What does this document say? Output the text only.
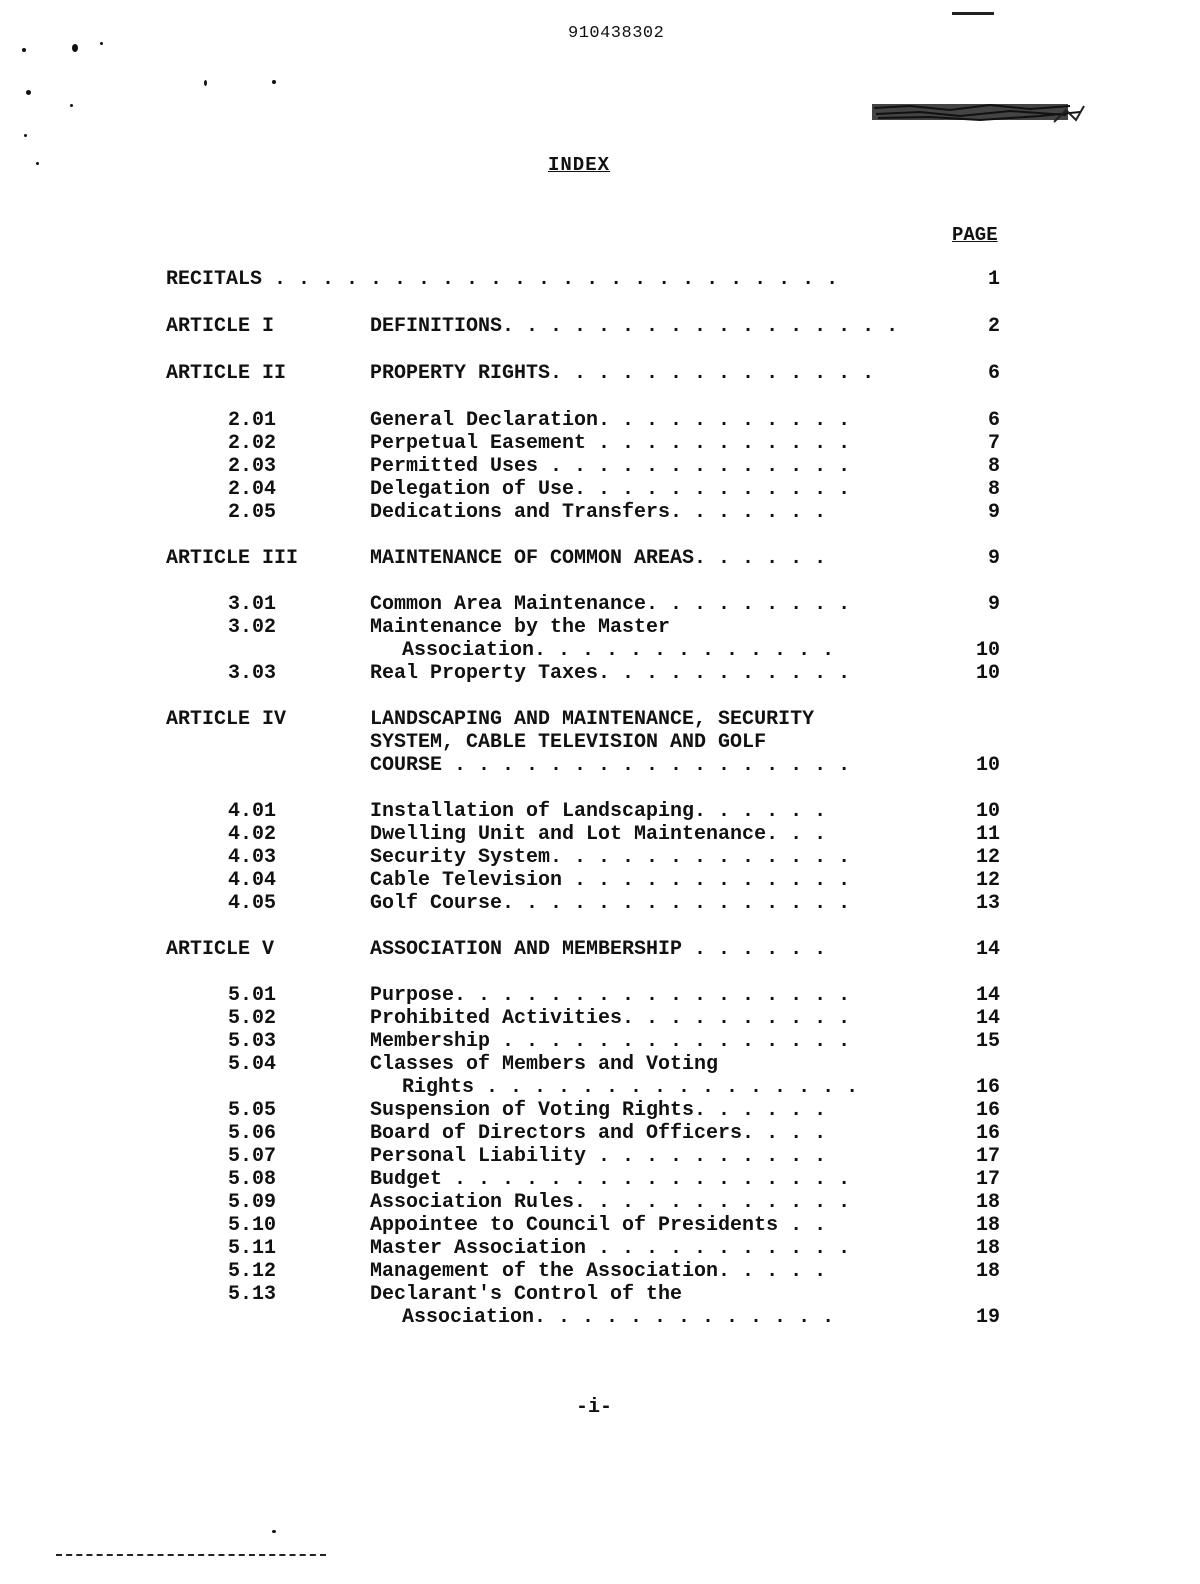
910438302
INDEX
PAGE
RECITALS . . . . . . . . . . . . . . . . . . . . . . . .	1
ARTICLE I	DEFINITIONS. . . . . . . . . . . . . . . . .	2
ARTICLE II	PROPERTY RIGHTS. . . . . . . . . . . . . .	6
2.01	General Declaration. . . . . . . . . . .	6
2.02	Perpetual Easement . . . . . . . . . . .	7
2.03	Permitted Uses . . . . . . . . . . . . .	8
2.04	Delegation of Use. . . . . . . . . . . .	8
2.05	Dedications and Transfers. . . . . . .	9
ARTICLE III	MAINTENANCE OF COMMON AREAS. . . . . .	9
3.01	Common Area Maintenance. . . . . . . . .	9
3.02	Maintenance by the Master
Association. . . . . . . . . . . . .	10
3.03	Real Property Taxes. . . . . . . . . . .	10
ARTICLE IV	LANDSCAPING AND MAINTENANCE, SECURITY
SYSTEM, CABLE TELEVISION AND GOLF
COURSE . . . . . . . . . . . . . . . . .	10
4.01	Installation of Landscaping. . . . . .	10
4.02	Dwelling Unit and Lot Maintenance. . .	11
4.03	Security System. . . . . . . . . . . . .	12
4.04	Cable Television . . . . . . . . . . . .	12
4.05	Golf Course. . . . . . . . . . . . . . .	13
ARTICLE V	ASSOCIATION AND MEMBERSHIP . . . . . .	14
5.01	Purpose. . . . . . . . . . . . . . . . .	14
5.02	Prohibited Activities. . . . . . . . . .	14
5.03	Membership . . . . . . . . . . . . . . .	15
5.04	Classes of Members and Voting
Rights . . . . . . . . . . . . . . . .	16
5.05	Suspension of Voting Rights. . . . . .	16
5.06	Board of Directors and Officers. . . .	16
5.07	Personal Liability . . . . . . . . . .	17
5.08	Budget . . . . . . . . . . . . . . . . .	17
5.09	Association Rules. . . . . . . . . . . .	18
5.10	Appointee to Council of Presidents . .	18
5.11	Master Association . . . . . . . . . . .	18
5.12	Management of the Association. . . . .	18
5.13	Declarant's Control of the
Association. . . . . . . . . . . . .	19
-i-
